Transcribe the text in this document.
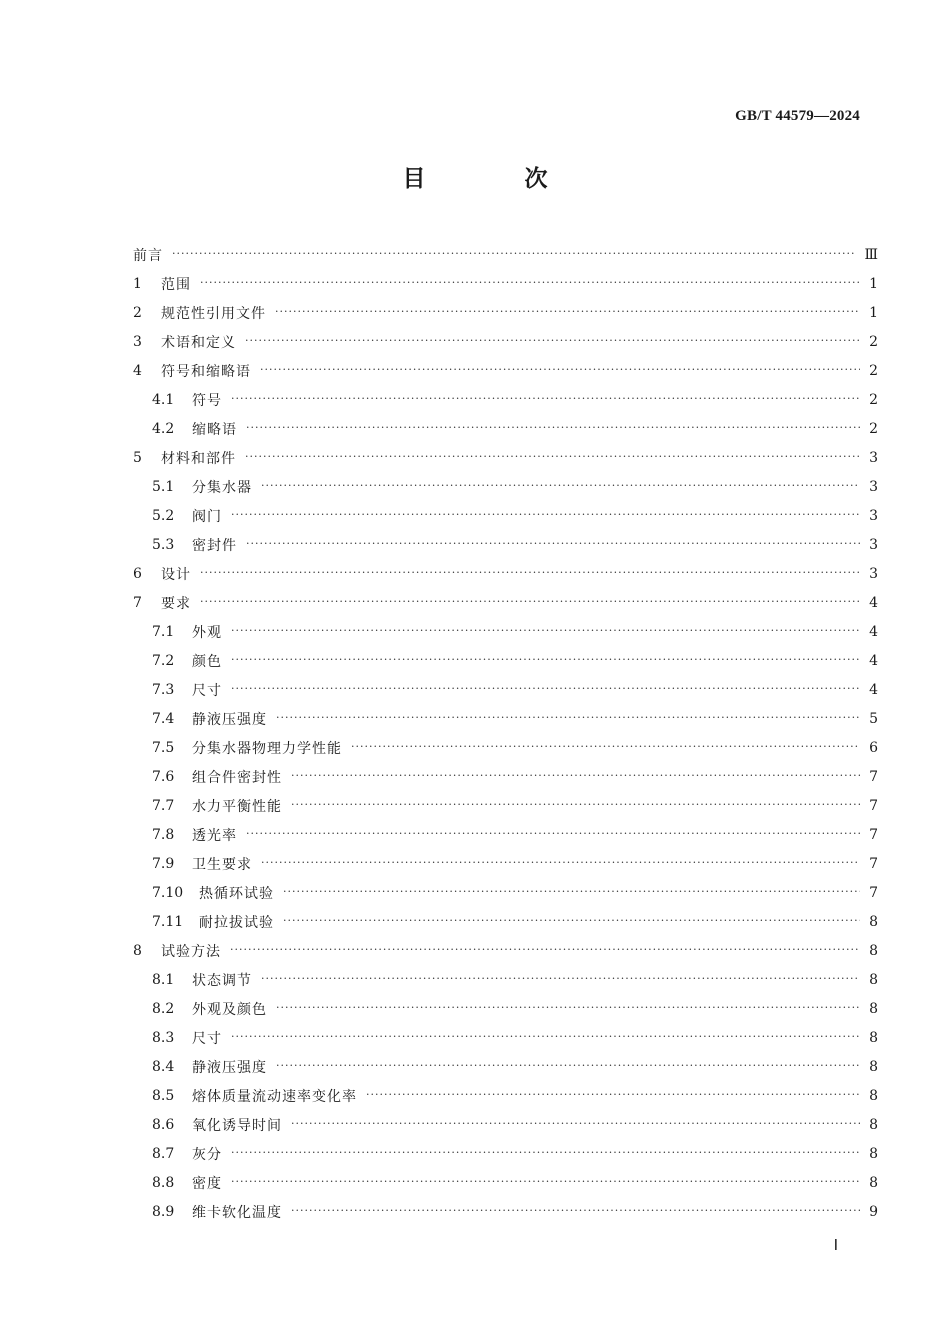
GB/T 44579—2024
目　次
前言 ·····	Ⅲ
1	范围 ·····	1
2	规范性引用文件 ·····	1
3	术语和定义 ·····	2
4	符号和缩略语 ·····	2
4.1	符号 ·····	2
4.2	缩略语 ·····	2
5	材料和部件 ·····	3
5.1	分集水器 ·····	3
5.2	阀门 ·····	3
5.3	密封件 ·····	3
6	设计 ·····	3
7	要求 ·····	4
7.1	外观 ·····	4
7.2	颜色 ·····	4
7.3	尺寸 ·····	4
7.4	静液压强度 ·····	5
7.5	分集水器物理力学性能 ·····	6
7.6	组合件密封性 ·····	7
7.7	水力平衡性能 ·····	7
7.8	透光率 ·····	7
7.9	卫生要求 ·····	7
7.10	热循环试验 ·····	7
7.11	耐拉拔试验 ·····	8
8	试验方法 ·····	8
8.1	状态调节 ·····	8
8.2	外观及颜色 ·····	8
8.3	尺寸 ·····	8
8.4	静液压强度 ·····	8
8.5	熔体质量流动速率变化率 ·····	8
8.6	氧化诱导时间 ·····	8
8.7	灰分 ·····	8
8.8	密度 ·····	8
8.9	维卡软化温度 ·····	9
Ⅰ
